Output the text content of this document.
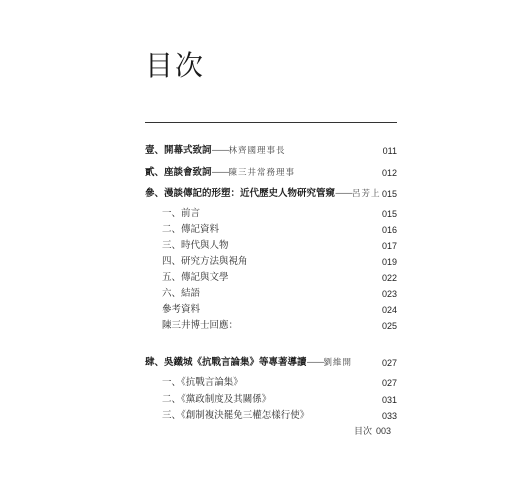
目次
壹、開幕式致詞——林齊國理事長	011
貳、座談會致詞——陳三井常務理事	012
參、漫談傳記的形塑：近代歷史人物研究管窺——呂芳上 015
一、前言	015
二、傳記資料	016
三、時代與人物	017
四、研究方法與視角	019
五、傳記與文學	022
六、結語	023
參考資料	024
陳三井博士回應：	025
肆、吳鐵城《抗戰言論集》等專著導讀——劉維開	027
一、《抗戰言論集》	027
二、《黨政制度及其關係》	031
三、《創制複決罷免三權怎樣行使》	033
目次 003
